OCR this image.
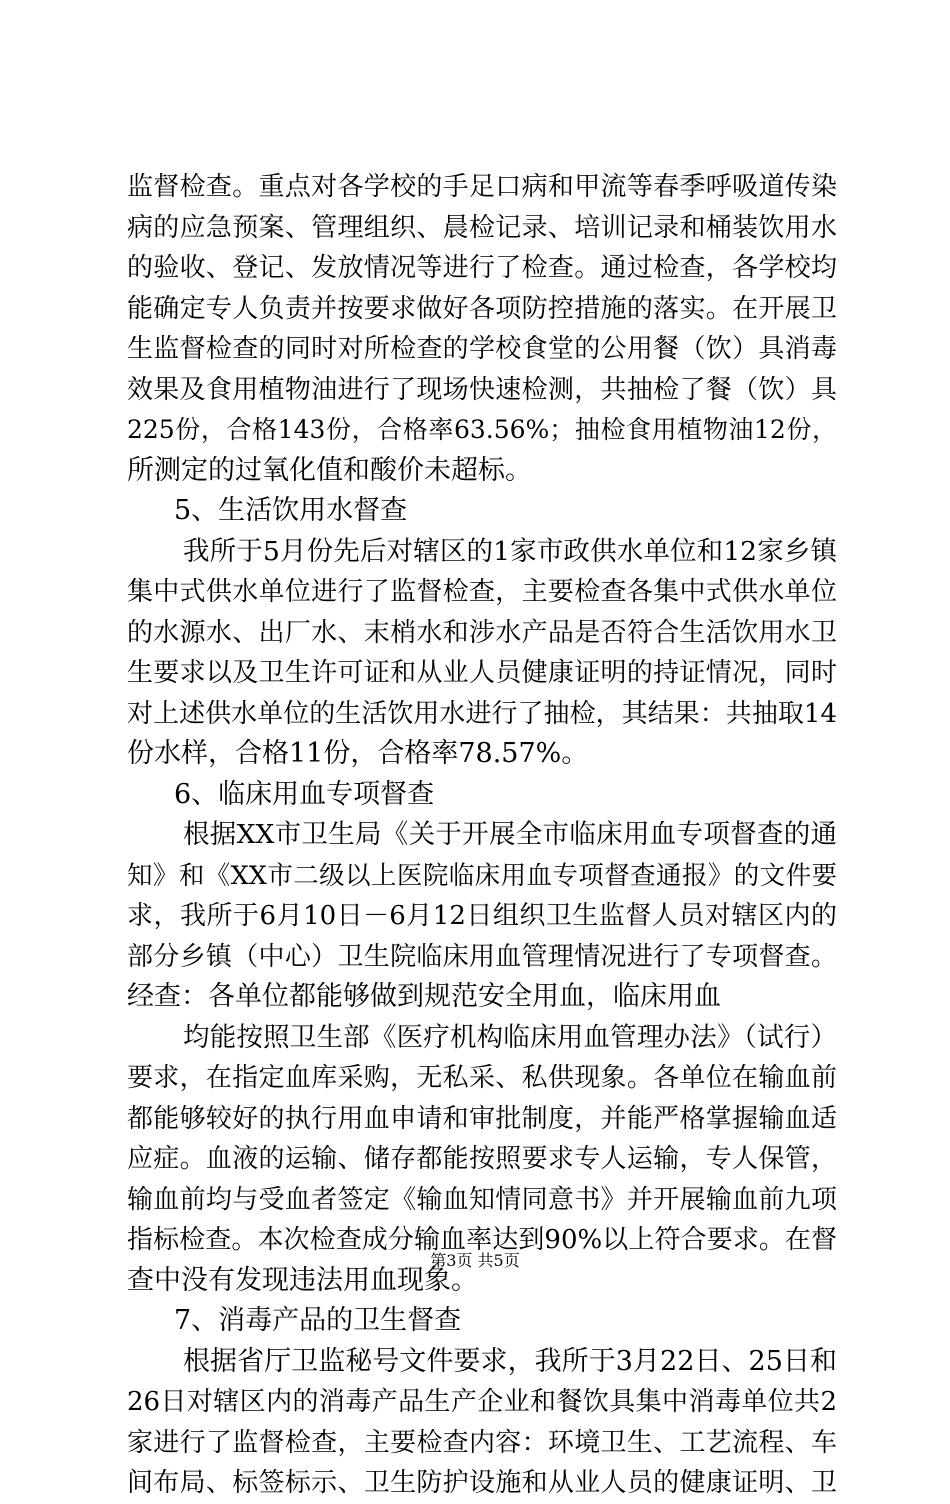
监督检查。重点对各学校的手足口病和甲流等春季呼吸道传染
病的应急预案、管理组织、晨检记录、培训记录和桶装饮用水
的验收、登记、发放情况等进行了检查。通过检查，各学校均
能确定专人负责并按要求做好各项防控措施的落实。在开展卫
生监督检查的同时对所检查的学校食堂的公用餐（饮）具消毒
效果及食用植物油进行了现场快速检测，共抽检了餐（饮）具
225份，合格143份，合格率63.56%；抽检食用植物油12份，
所测定的过氧化值和酸价未超标。
5、生活饮用水督查
我所于5月份先后对辖区的1家市政供水单位和12家乡镇
集中式供水单位进行了监督检查，主要检查各集中式供水单位
的水源水、出厂水、末梢水和涉水产品是否符合生活饮用水卫
生要求以及卫生许可证和从业人员健康证明的持证情况，同时
对上述供水单位的生活饮用水进行了抽检，其结果：共抽取14
份水样，合格11份，合格率78.57%。
6、临床用血专项督查
根据XX市卫生局《关于开展全市临床用血专项督查的通
知》和《XX市二级以上医院临床用血专项督查通报》的文件要
求，我所于6月10日－6月12日组织卫生监督人员对辖区内的
部分乡镇（中心）卫生院临床用血管理情况进行了专项督查。
经查：各单位都能够做到规范安全用血，临床用血
均能按照卫生部《医疗机构临床用血管理办法》（试行）
要求，在指定血库采购，无私采、私供现象。各单位在输血前
都能够较好的执行用血申请和审批制度，并能严格掌握输血适
应症。血液的运输、储存都能按照要求专人运输，专人保管，
输血前均与受血者签定《输血知情同意书》并开展输血前九项
指标检查。本次检查成分输血率达到90%以上符合要求。在督
查中没有发现违法用血现象。
7、消毒产品的卫生督查
根据省厅卫监秘号文件要求，我所于3月22日、25日和
26日对辖区内的消毒产品生产企业和餐饮具集中消毒单位共2
家进行了监督检查，主要检查内容：环境卫生、工艺流程、车
间布局、标签标示、卫生防护设施和从业人员的健康证明、卫
第3页 共5页
